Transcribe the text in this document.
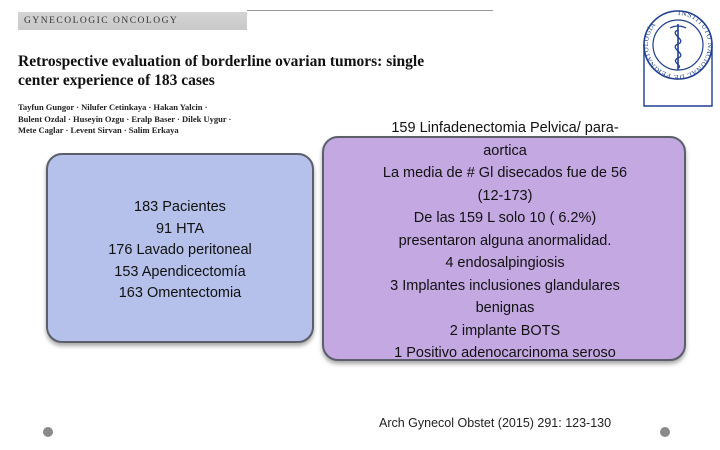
GYNECOLOGIC ONCOLOGY
Retrospective evaluation of borderline ovarian tumors: single center experience of 183 cases
Tayfun Gungor · Nilufer Cetinkaya · Hakan Yalcin ·
Bulent Ozdal · Huseyin Ozgu · Eralp Baser · Dilek Uygur ·
Mete Caglar · Levent Sirvan · Salim Erkaya
INSTITUTO NACIONAL DE PERINATOLOGÍA
183 Pacientes
91 HTA
176 Lavado peritoneal
153 Apendicectomía
163 Omentectomia
159 Linfadenectomia Pelvica/ para-
aortica
La media de # Gl disecados fue de 56
(12-173)
De las 159 L solo 10 ( 6.2%)
presentaron alguna anormalidad.
4 endosalpingiosis
3 Implantes inclusiones glandulares
benignas
2 implante BOTS
1 Positivo adenocarcinoma seroso
Arch Gynecol Obstet (2015) 291: 123-130
